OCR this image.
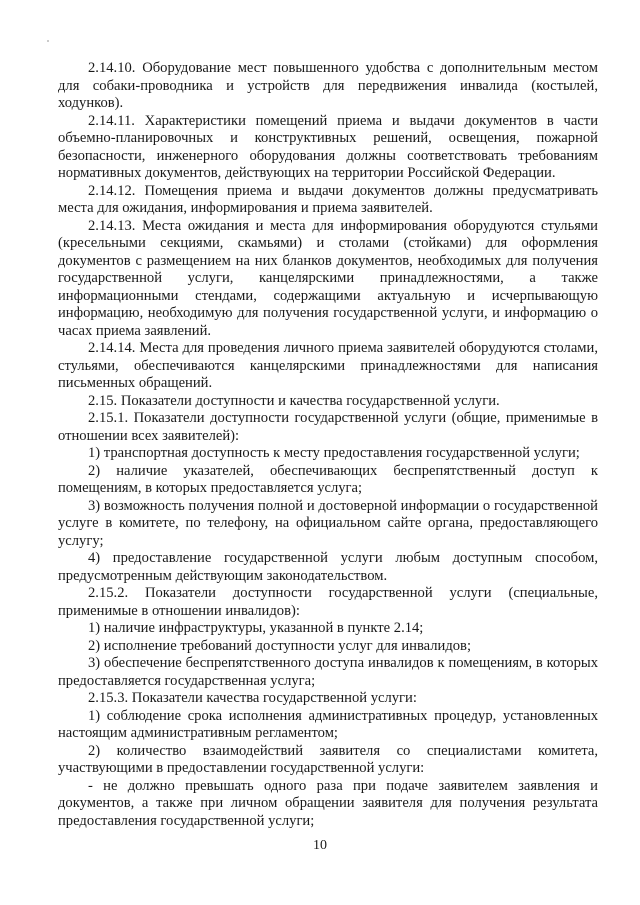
2.14.10. Оборудование мест повышенного удобства с дополнительным местом для собаки-проводника и устройств для передвижения инвалида (костылей, ходунков).

2.14.11. Характеристики помещений приема и выдачи документов в части объемно-планировочных и конструктивных решений, освещения, пожарной безопасности, инженерного оборудования должны соответствовать требованиям нормативных документов, действующих на территории Российской Федерации.

2.14.12. Помещения приема и выдачи документов должны предусматривать места для ожидания, информирования и приема заявителей.

2.14.13. Места ожидания и места для информирования оборудуются стульями (кресельными секциями, скамьями) и столами (стойками) для оформления документов с размещением на них бланков документов, необходимых для получения государственной услуги, канцелярскими принадлежностями, а также информационными стендами, содержащими актуальную и исчерпывающую информацию, необходимую для получения государственной услуги, и информацию о часах приема заявлений.

2.14.14. Места для проведения личного приема заявителей оборудуются столами, стульями, обеспечиваются канцелярскими принадлежностями для написания письменных обращений.

2.15. Показатели доступности и качества государственной услуги.

2.15.1. Показатели доступности государственной услуги (общие, применимые в отношении всех заявителей):

1) транспортная доступность к месту предоставления государственной услуги;

2) наличие указателей, обеспечивающих беспрепятственный доступ к помещениям, в которых предоставляется услуга;

3) возможность получения полной и достоверной информации о государственной услуге в комитете, по телефону, на официальном сайте органа, предоставляющего услугу;

4) предоставление государственной услуги любым доступным способом, предусмотренным действующим законодательством.

2.15.2. Показатели доступности государственной услуги (специальные, применимые в отношении инвалидов):

1) наличие инфраструктуры, указанной в пункте 2.14;

2) исполнение требований доступности услуг для инвалидов;

3) обеспечение беспрепятственного доступа инвалидов к помещениям, в которых предоставляется государственная услуга;

2.15.3. Показатели качества государственной услуги:

1) соблюдение срока исполнения административных процедур, установленных настоящим административным регламентом;

2) количество взаимодействий заявителя со специалистами комитета, участвующими в предоставлении государственной услуги:

- не должно превышать одного раза при подаче заявителем заявления и документов, а также при личном обращении заявителя для получения результата предоставления государственной услуги;

10
